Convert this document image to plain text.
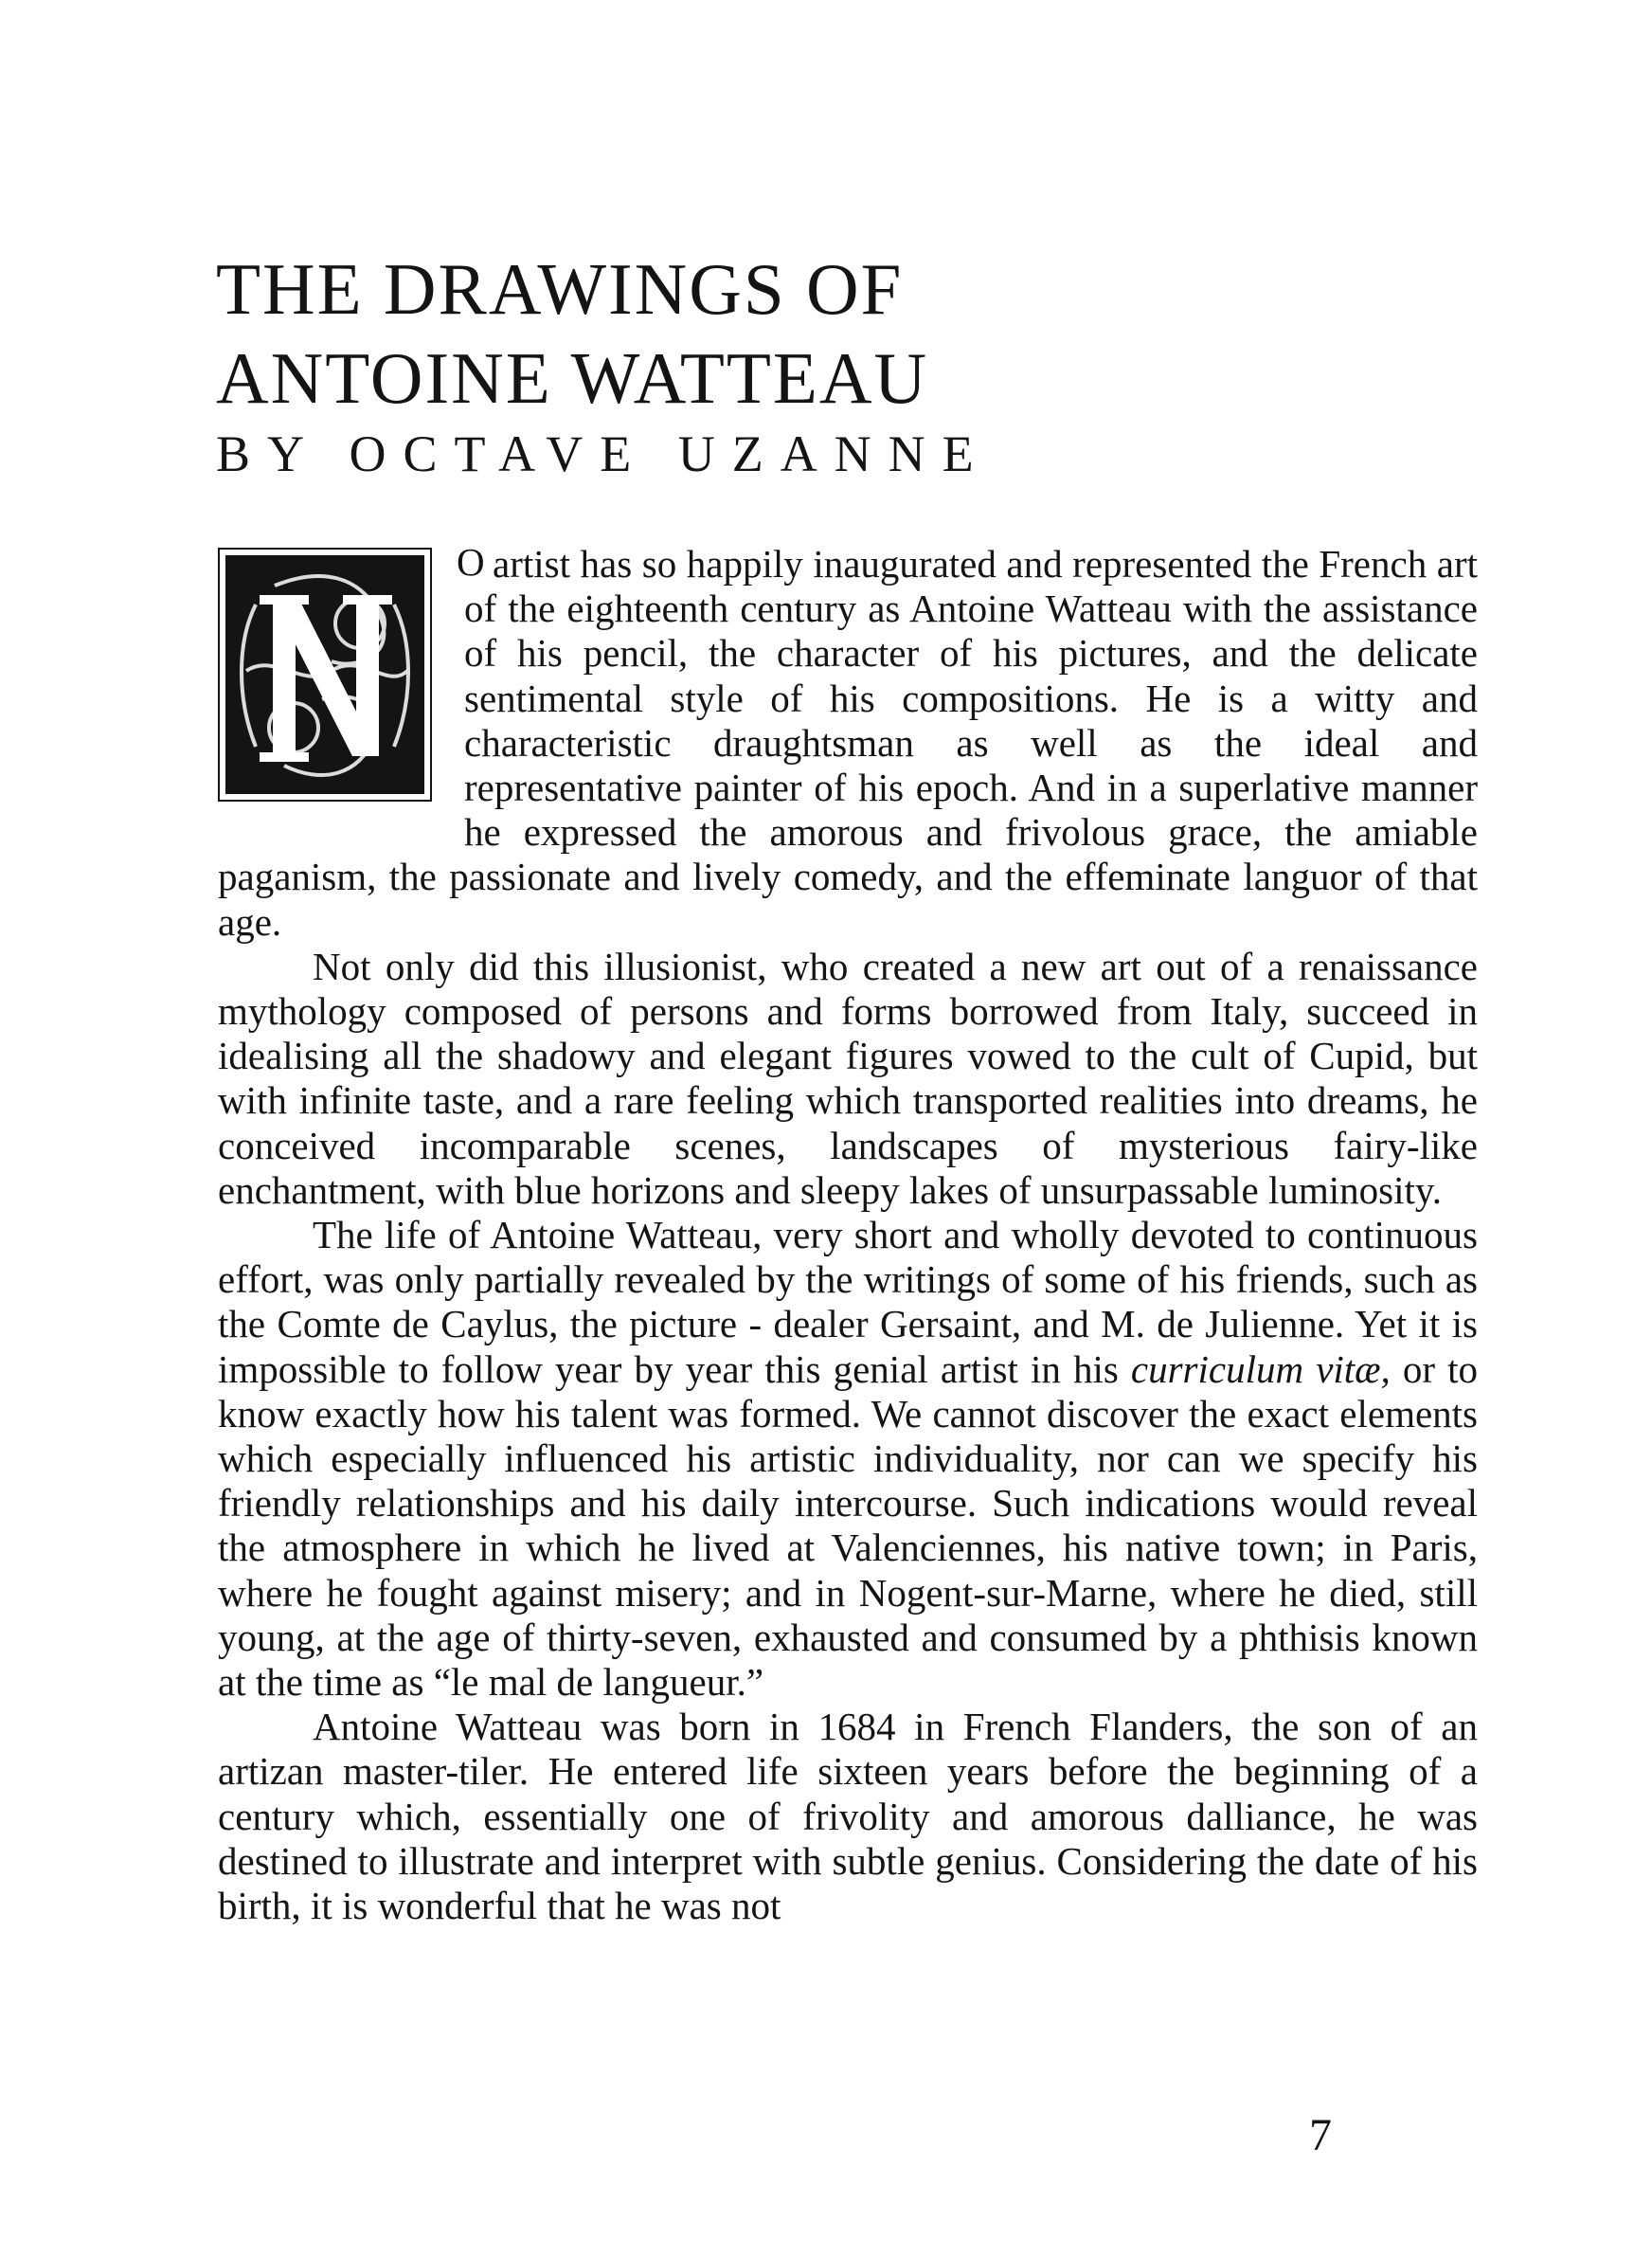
THE DRAWINGS OF
ANTOINE WATTEAU
BY OCTAVE UZANNE
O artist has so happily inaugurated and represented the French art of the eighteenth century as Antoine Watteau with the assistance of his pencil, the character of his pictures, and the delicate sentimental style of his compositions. He is a witty and characteristic draughtsman as well as the ideal and representative painter of his epoch. And in a superlative manner he expressed the amorous and frivolous grace, the amiable paganism, the passionate and lively comedy, and the effeminate languor of that age.

Not only did this illusionist, who created a new art out of a renaissance mythology composed of persons and forms borrowed from Italy, succeed in idealising all the shadowy and elegant figures vowed to the cult of Cupid, but with infinite taste, and a rare feeling which transported realities into dreams, he conceived incomparable scenes, landscapes of mysterious fairy-like enchantment, with blue horizons and sleepy lakes of unsurpassable luminosity.

The life of Antoine Watteau, very short and wholly devoted to continuous effort, was only partially revealed by the writings of some of his friends, such as the Comte de Caylus, the picture - dealer Gersaint, and M. de Julienne. Yet it is impossible to follow year by year this genial artist in his curriculum vitæ, or to know exactly how his talent was formed. We cannot discover the exact elements which especially influenced his artistic individuality, nor can we specify his friendly relationships and his daily intercourse. Such indications would reveal the atmosphere in which he lived at Valenciennes, his native town; in Paris, where he fought against misery; and in Nogent-sur-Marne, where he died, still young, at the age of thirty-seven, exhausted and consumed by a phthisis known at the time as “le mal de langueur.”

Antoine Watteau was born in 1684 in French Flanders, the son of an artizan master-tiler. He entered life sixteen years before the beginning of a century which, essentially one of frivolity and amorous dalliance, he was destined to illustrate and interpret with subtle genius. Considering the date of his birth, it is wonderful that he was not

7
